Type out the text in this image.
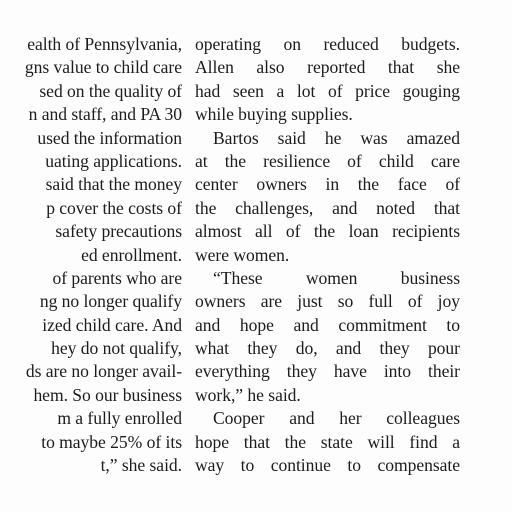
ealth of Pennsylvania,
gns value to child care
sed on the quality of
n and staff, and PA 30
used the information
uating applications.
said that the money
p cover the costs of
safety precautions
ed enrollment.
of parents who are
ng no longer qualify
ized child care. And
hey do not qualify,
ds are no longer avail-
hem. So our business
m a fully enrolled
to maybe 25% of its
t,” she said.
operating on reduced budgets.
Allen also reported that she
had seen a lot of price gouging
while buying supplies.
Bartos said he was amazed
at the resilience of child care
center owners in the face of
the challenges, and noted that
almost all of the loan recipients
were women.
“These women business
owners are just so full of joy
and hope and commitment to
what they do, and they pour
everything they have into their
work,” he said.
Cooper and her colleagues
hope that the state will find a
way to continue to compensate
